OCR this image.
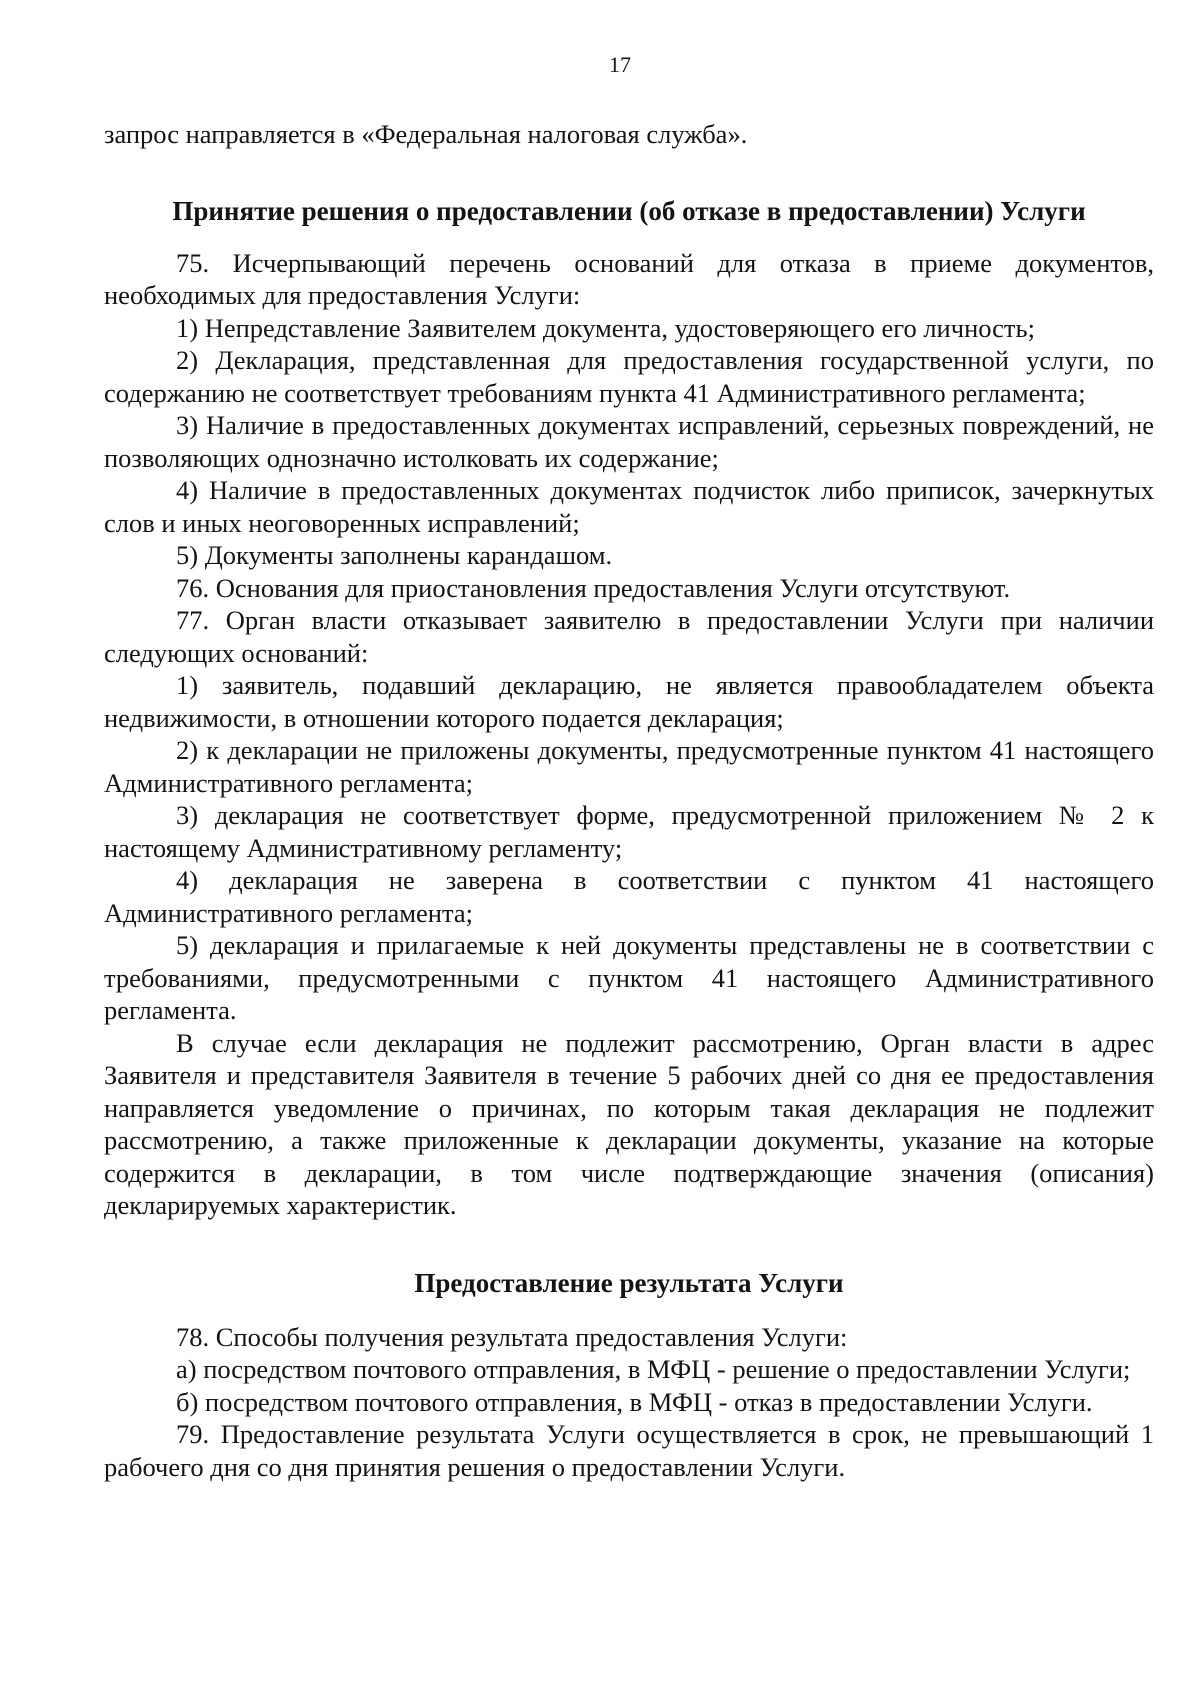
17

запрос направляется в «Федеральная налоговая служба».

Принятие решения о предоставлении (об отказе в предоставлении) Услуги

75. Исчерпывающий перечень оснований для отказа в приеме документов, необходимых для предоставления Услуги:

1) Непредставление Заявителем документа, удостоверяющего его личность;

2) Декларация, представленная для предоставления государственной услуги, по содержанию не соответствует требованиям пункта 41 Административного регламента;

3) Наличие в предоставленных документах исправлений, серьезных повреждений, не позволяющих однозначно истолковать их содержание;

4) Наличие в предоставленных документах подчисток либо приписок, зачеркнутых слов и иных неоговоренных исправлений;

5) Документы заполнены карандашом.

76. Основания для приостановления предоставления Услуги отсутствуют.

77. Орган власти отказывает заявителю в предоставлении Услуги при наличии следующих оснований:

1) заявитель, подавший декларацию, не является правообладателем объекта недвижимости, в отношении которого подается декларация;

2) к декларации не приложены документы, предусмотренные пунктом 41 настоящего Административного регламента;

3) декларация не соответствует форме, предусмотренной приложением № 2 к настоящему Административному регламенту;

4) декларация не заверена в соответствии с пунктом 41 настоящего Административного регламента;

5) декларация и прилагаемые к ней документы представлены не в соответствии с требованиями, предусмотренными с пунктом 41 настоящего Административного регламента.

В случае если декларация не подлежит рассмотрению, Орган власти в адрес Заявителя и представителя Заявителя в течение 5 рабочих дней со дня ее предоставления направляется уведомление о причинах, по которым такая декларация не подлежит рассмотрению, а также приложенные к декларации документы, указание на которые содержится в декларации, в том числе подтверждающие значения (описания) декларируемых характеристик.

Предоставление результата Услуги

78. Способы получения результата предоставления Услуги:

а) посредством почтового отправления, в МФЦ - решение о предоставлении Услуги;

б) посредством почтового отправления, в МФЦ - отказ в предоставлении Услуги.

79. Предоставление результата Услуги осуществляется в срок, не превышающий 1 рабочего дня со дня принятия решения о предоставлении Услуги.
